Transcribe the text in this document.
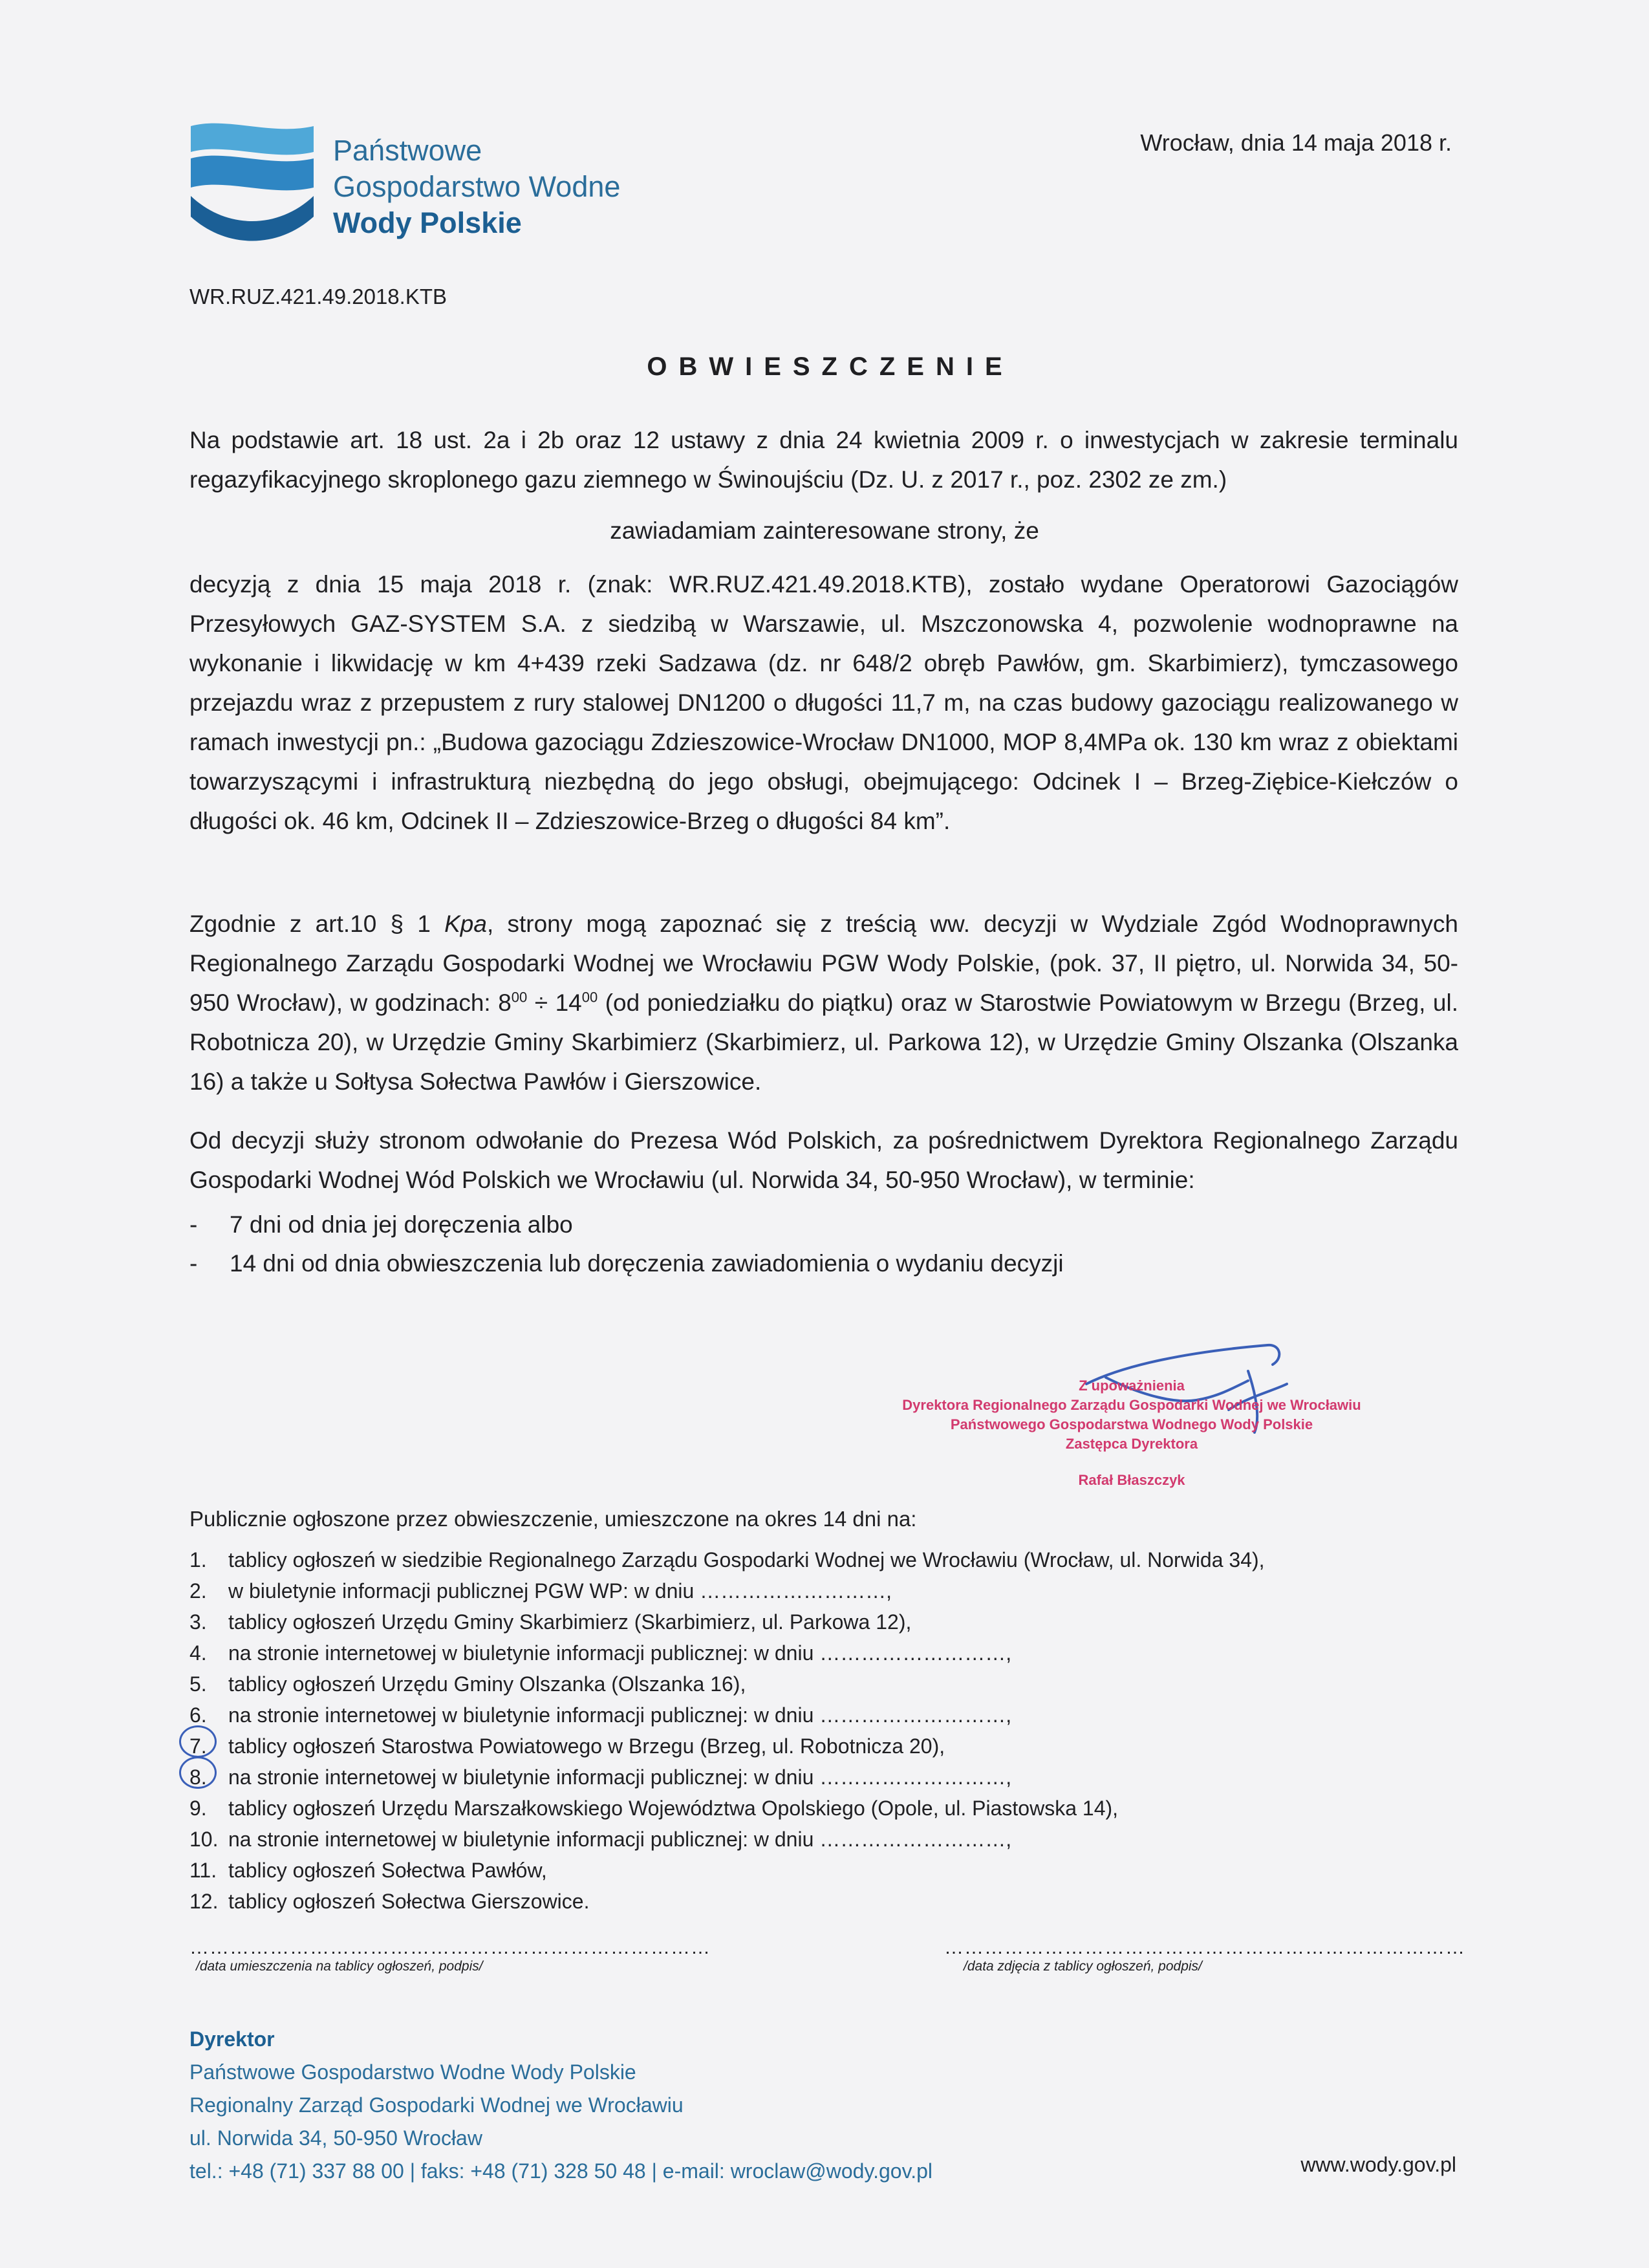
Państwowe
Gospodarstwo Wodne
Wody Polskie
Wrocław, dnia 14 maja 2018 r.
WR.RUZ.421.49.2018.KTB
OBWIESZCZENIE
Na podstawie art. 18 ust. 2a i 2b oraz 12 ustawy z dnia 24 kwietnia 2009 r. o inwestycjach w zakresie terminalu regazyfikacyjnego skroplonego gazu ziemnego w Świnoujściu (Dz. U. z 2017 r., poz. 2302 ze zm.)
zawiadamiam zainteresowane strony, że
decyzją z dnia 15 maja 2018 r. (znak: WR.RUZ.421.49.2018.KTB), zostało wydane Operatorowi Gazociągów Przesyłowych GAZ-SYSTEM S.A. z siedzibą w Warszawie, ul. Mszczonowska 4, pozwolenie wodnoprawne na wykonanie i likwidację w km 4+439 rzeki Sadzawa (dz. nr 648/2 obręb Pawłów, gm. Skarbimierz), tymczasowego przejazdu wraz z przepustem z rury stalowej DN1200 o długości 11,7 m, na czas budowy gazociągu realizowanego w ramach inwestycji pn.: „Budowa gazociągu Zdzieszowice-Wrocław DN1000, MOP 8,4MPa ok. 130 km wraz z obiektami towarzyszącymi i infrastrukturą niezbędną do jego obsługi, obejmującego: Odcinek I – Brzeg-Ziębice-Kiełczów o długości ok. 46 km, Odcinek II – Zdzieszowice-Brzeg o długości 84 km”.
Zgodnie z art.10 § 1 Kpa, strony mogą zapoznać się z treścią ww. decyzji w Wydziale Zgód Wodnoprawnych Regionalnego Zarządu Gospodarki Wodnej we Wrocławiu PGW Wody Polskie, (pok. 37, II piętro, ul. Norwida 34, 50-950 Wrocław), w godzinach: $8^{00} \div 14^{00}$ (od poniedziałku do piątku) oraz w Starostwie Powiatowym w Brzegu (Brzeg, ul. Robotnicza 20), w Urzędzie Gminy Skarbimierz (Skarbimierz, ul. Parkowa 12), w Urzędzie Gminy Olszanka (Olszanka 16) a także u Sołtysa Sołectwa Pawłów i Gierszowice.
Od decyzji służy stronom odwołanie do Prezesa Wód Polskich, za pośrednictwem Dyrektora Regionalnego Zarządu Gospodarki Wodnej Wód Polskich we Wrocławiu (ul. Norwida 34, 50-950 Wrocław), w terminie:
- 7 dni od dnia jej doręczenia albo
- 14 dni od dnia obwieszczenia lub doręczenia zawiadomienia o wydaniu decyzji
Z upoważnienia
Dyrektora Regionalnego Zarządu Gospodarki Wodnej we Wrocławiu
Państwowego Gospodarstwa Wodnego Wody Polskie
Zastępca Dyrektora
Rafał Błaszczyk
Publicznie ogłoszone przez obwieszczenie, umieszczone na okres 14 dni na:
1. tablicy ogłoszeń w siedzibie Regionalnego Zarządu Gospodarki Wodnej we Wrocławiu (Wrocław, ul. Norwida 34),
2. w biuletynie informacji publicznej PGW WP: w dniu ………………………,
3. tablicy ogłoszeń Urzędu Gminy Skarbimierz (Skarbimierz, ul. Parkowa 12),
4. na stronie internetowej w biuletynie informacji publicznej: w dniu ………………………,
5. tablicy ogłoszeń Urzędu Gminy Olszanka (Olszanka 16),
6. na stronie internetowej w biuletynie informacji publicznej: w dniu ………………………,
7. tablicy ogłoszeń Starostwa Powiatowego w Brzegu (Brzeg, ul. Robotnicza 20),
8. na stronie internetowej w biuletynie informacji publicznej: w dniu ………………………,
9. tablicy ogłoszeń Urzędu Marszałkowskiego Województwa Opolskiego (Opole, ul. Piastowska 14),
10. na stronie internetowej w biuletynie informacji publicznej: w dniu ………………………,
11. tablicy ogłoszeń Sołectwa Pawłów,
12. tablicy ogłoszeń Sołectwa Gierszowice.
……………………………………………………………………
/data umieszczenia na tablicy ogłoszeń, podpis/
……………………………………………………………………
/data zdjęcia z tablicy ogłoszeń, podpis/
Dyrektor
Państwowe Gospodarstwo Wodne Wody Polskie
Regionalny Zarząd Gospodarki Wodnej we Wrocławiu
ul. Norwida 34, 50-950 Wrocław
tel.: +48 (71) 337 88 00 | faks: +48 (71) 328 50 48 | e-mail: wroclaw@wody.gov.pl	www.wody.gov.pl
